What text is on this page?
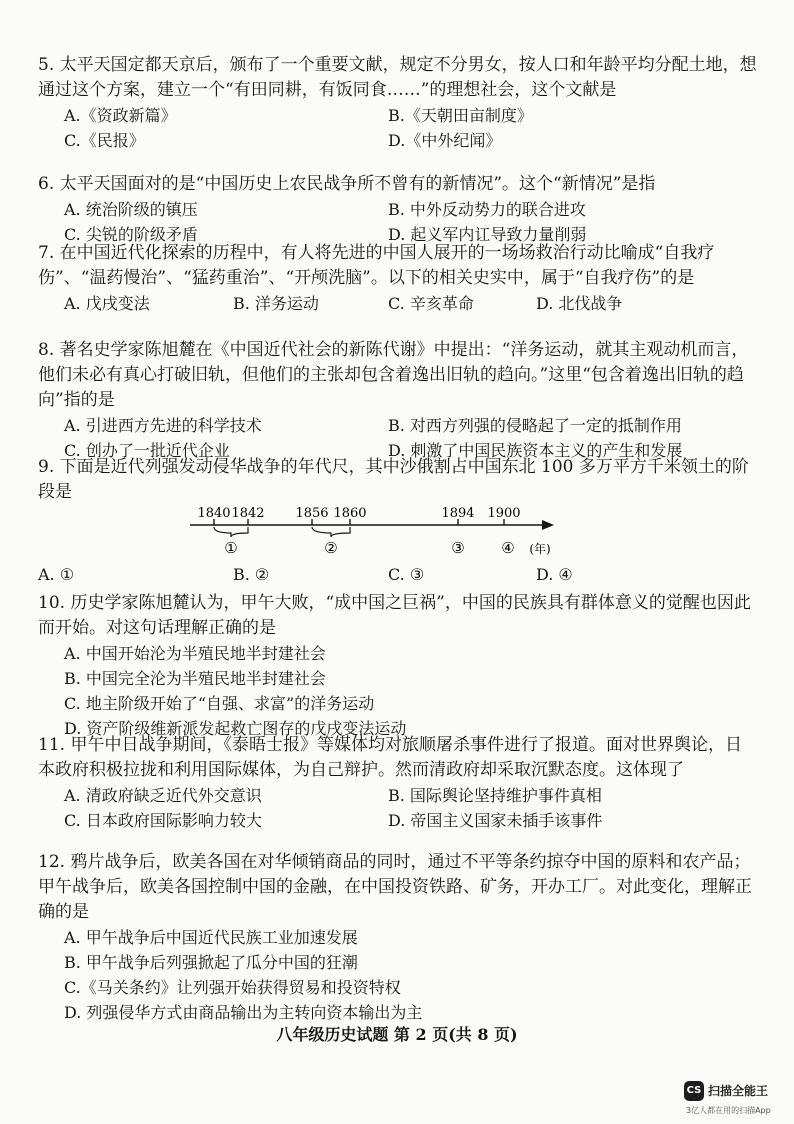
5. 太平天国定都天京后，颁布了一个重要文献，规定不分男女，按人口和年龄平均分配土地，想通过这个方案，建立一个“有田同耕，有饭同食……”的理想社会，这个文献是

A.《资政新篇》	B.《天朝田亩制度》
C.《民报》	D.《中外纪闻》

6. 太平天国面对的是“中国历史上农民战争所不曾有的新情况”。这个“新情况”是指

A. 统治阶级的镇压	B. 中外反动势力的联合进攻
C. 尖锐的阶级矛盾	D. 起义军内讧导致力量削弱

7. 在中国近代化探索的历程中，有人将先进的中国人展开的一场场救治行动比喻成“自我疗伤”、“温药慢治”、“猛药重治”、“开颅洗脑”。以下的相关史实中，属于“自我疗伤”的是

A. 戊戌变法	B. 洋务运动	C. 辛亥革命	D. 北伐战争

8. 著名史学家陈旭麓在《中国近代社会的新陈代谢》中提出：“洋务运动，就其主观动机而言，他们未必有真心打破旧轨，但他们的主张却包含着逸出旧轨的趋向。”这里“包含着逸出旧轨的趋向”指的是

A. 引进西方先进的科学技术	B. 对西方列强的侵略起了一定的抵制作用
C. 创办了一批近代企业	D. 刺激了中国民族资本主义的产生和发展

9. 下面是近代列强发动侵华战争的年代尺，其中沙俄割占中国东北 100 多万平方千米领土的阶段是

1840 1842 1856 1860	1894 1900
①	②	③ ④ (年)
A. ①	B. ②	C. ③	D. ④

10. 历史学家陈旭麓认为，甲午大败，“成中国之巨祸”，中国的民族具有群体意义的觉醒也因此而开始。对这句话理解正确的是

A. 中国开始沦为半殖民地半封建社会
B. 中国完全沦为半殖民地半封建社会
C. 地主阶级开始了“自强、求富”的洋务运动
D. 资产阶级维新派发起救亡图存的戊戌变法运动

11. 甲午中日战争期间，《泰晤士报》等媒体均对旅顺屠杀事件进行了报道。面对世界舆论，日本政府积极拉拢和利用国际媒体，为自己辩护。然而清政府却采取沉默态度。这体现了

A. 清政府缺乏近代外交意识	B. 国际舆论坚持维护事件真相
C. 日本政府国际影响力较大	D. 帝国主义国家未插手该事件

12. 鸦片战争后，欧美各国在对华倾销商品的同时，通过不平等条约掠夺中国的原料和农产品；甲午战争后，欧美各国控制中国的金融，在中国投资铁路、矿务，开办工厂。对此变化，理解正确的是

A. 甲午战争后中国近代民族工业加速发展
B. 甲午战争后列强掀起了瓜分中国的狂潮
C.《马关条约》让列强开始获得贸易和投资特权
D. 列强侵华方式由商品输出为主转向资本输出为主
八年级历史试题 第 2 页(共 8 页)
CS 扫描全能王
3亿人都在用的扫描App
